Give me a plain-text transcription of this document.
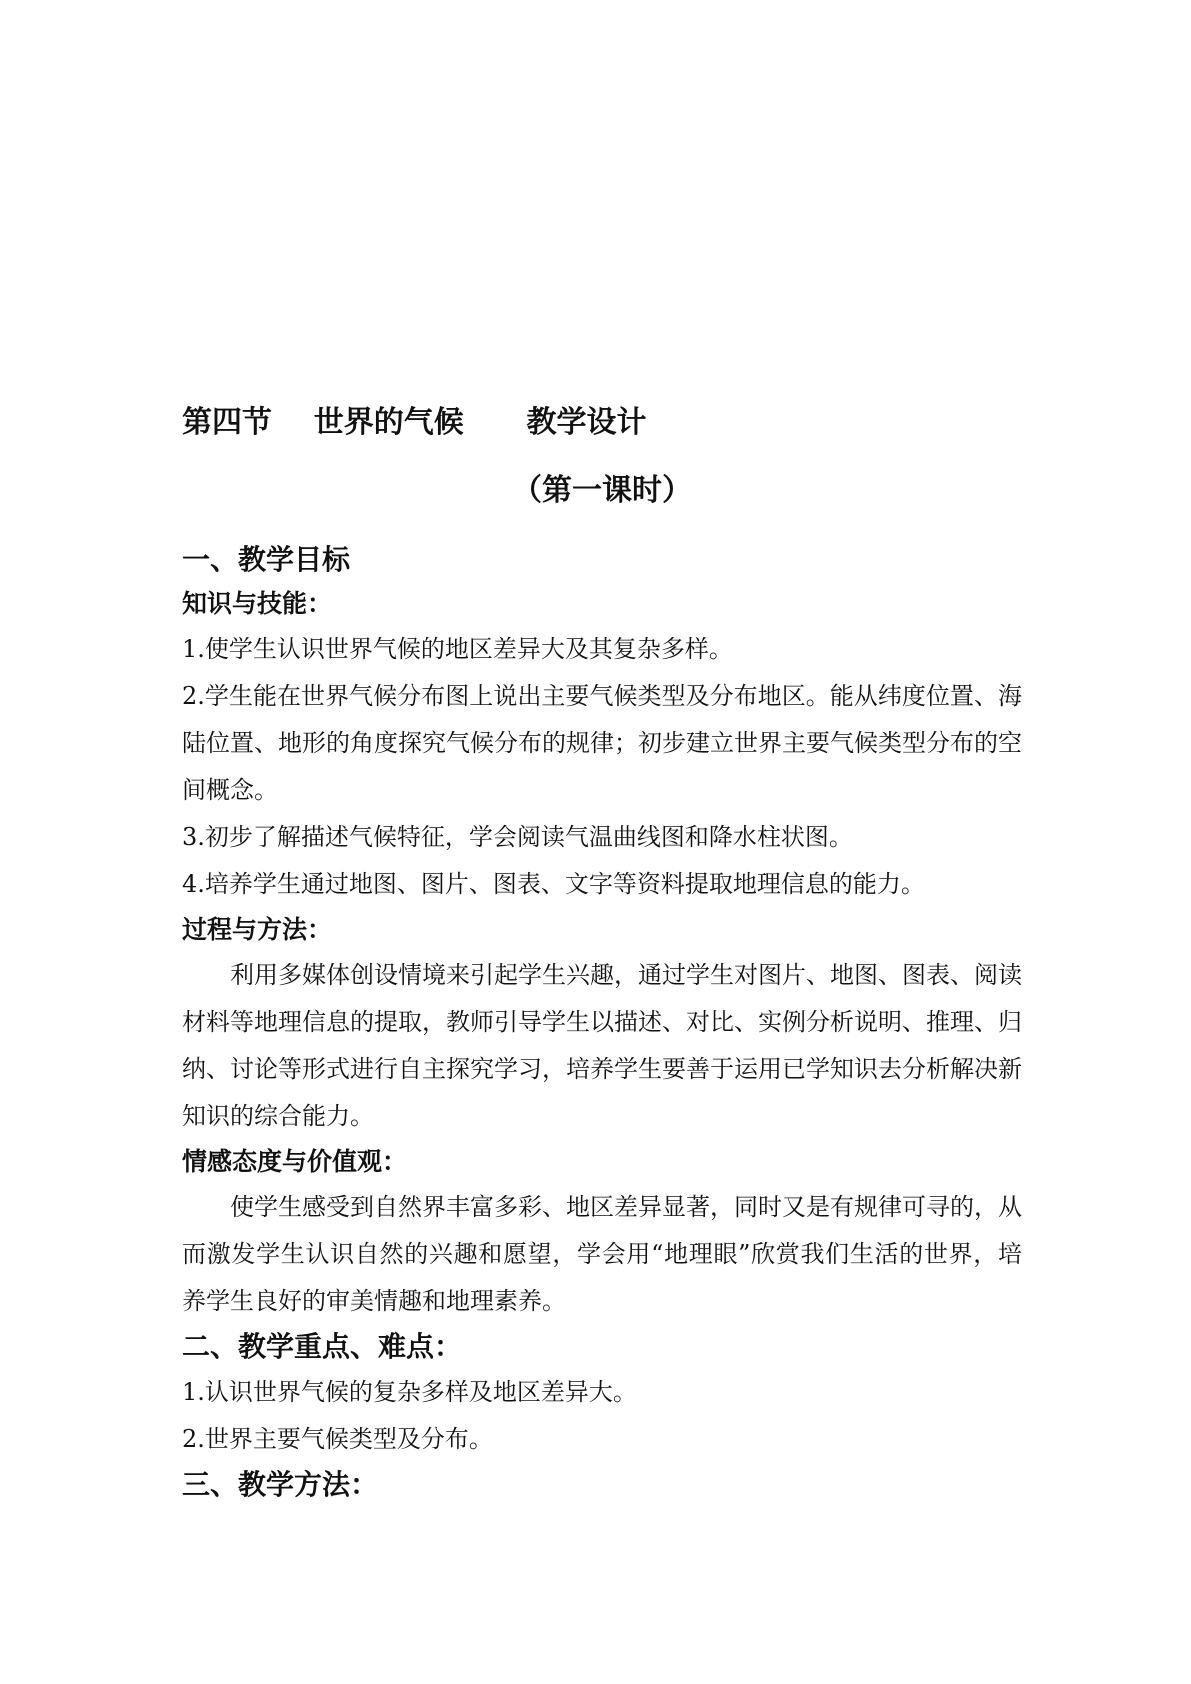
第四节    世界的气候      教学设计
（第一课时）
一、教学目标
知识与技能：

1.使学生认识世界气候的地区差异大及其复杂多样。

2.学生能在世界气候分布图上说出主要气候类型及分布地区。能从纬度位置、海陆位置、地形的角度探究气候分布的规律；初步建立世界主要气候类型分布的空间概念。

3.初步了解描述气候特征，学会阅读气温曲线图和降水柱状图。

4.培养学生通过地图、图片、图表、文字等资料提取地理信息的能力。

过程与方法：

利用多媒体创设情境来引起学生兴趣，通过学生对图片、地图、图表、阅读材料等地理信息的提取，教师引导学生以描述、对比、实例分析说明、推理、归纳、讨论等形式进行自主探究学习，培养学生要善于运用已学知识去分析解决新知识的综合能力。

情感态度与价值观：

使学生感受到自然界丰富多彩、地区差异显著，同时又是有规律可寻的，从而激发学生认识自然的兴趣和愿望，学会用“地理眼”欣赏我们生活的世界，培养学生良好的审美情趣和地理素养。

二、教学重点、难点：

1.认识世界气候的复杂多样及地区差异大。

2.世界主要气候类型及分布。

三、教学方法：
